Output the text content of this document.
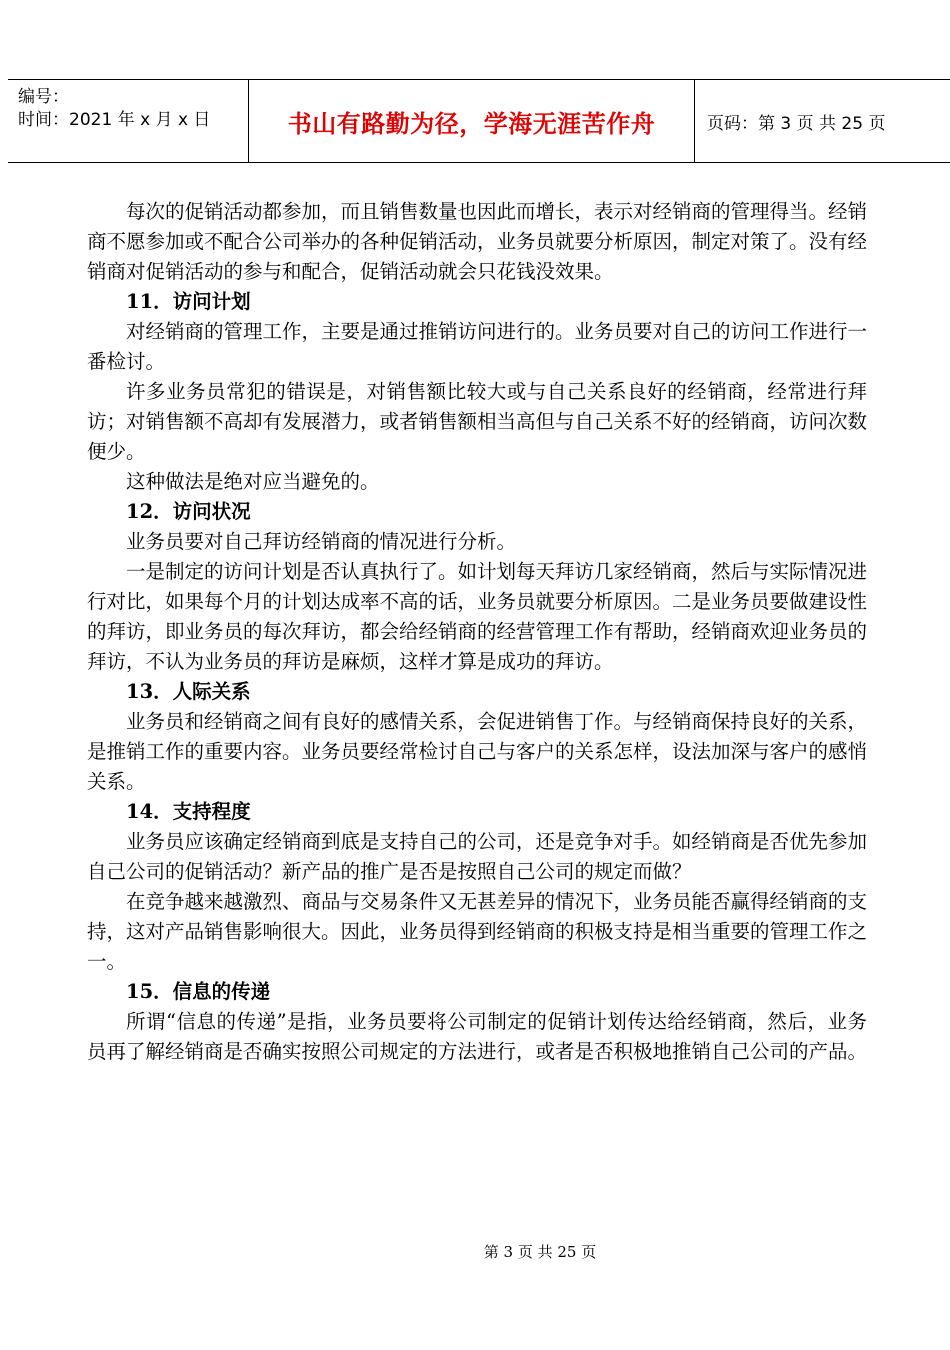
编号：
时间：2021 年 x 月 x 日	书山有路勤为径，学海无涯苦作舟	页码：第 3 页 共 25 页

每次的促销活动都参加，而且销售数量也因此而增长，表示对经销商的管理得当。经销商不愿参加或不配合公司举办的各种促销活动，业务员就要分析原因，制定对策了。没有经销商对促销活动的参与和配合，促销活动就会只花钱没效果。

11．访问计划

对经销商的管理工作，主要是通过推销访问进行的。业务员要对自己的访问工作进行一番检讨。

许多业务员常犯的错误是，对销售额比较大或与自己关系良好的经销商，经常进行拜访；对销售额不高却有发展潜力，或者销售额相当高但与自己关系不好的经销商，访问次数便少。

这种做法是绝对应当避免的。

12．访问状况

业务员要对自己拜访经销商的情况进行分析。

一是制定的访问计划是否认真执行了。如计划每天拜访几家经销商，然后与实际情况进行对比，如果每个月的计划达成率不高的话，业务员就要分析原因。二是业务员要做建设性的拜访，即业务员的每次拜访，都会给经销商的经营管理工作有帮助，经销商欢迎业务员的拜访，不认为业务员的拜访是麻烦，这样才算是成功的拜访。

13．人际关系

业务员和经销商之间有良好的感情关系，会促进销售丁作。与经销商保持良好的关系，是推销工作的重要内容。业务员要经常检讨自己与客户的关系怎样，设法加深与客户的感悄关系。

14．支持程度

业务员应该确定经销商到底是支持自己的公司，还是竞争对手。如经销商是否优先参加自己公司的促销活动？新产品的推广是否是按照自己公司的规定而做？

在竞争越来越激烈、商品与交易条件又无甚差异的情况下，业务员能否赢得经销商的支持，这对产品销售影响很大。因此，业务员得到经销商的积极支持是相当重要的管理工作之一。

15．信息的传递

所谓“信息的传递”是指，业务员要将公司制定的促销计划传达给经销商，然后，业务员再了解经销商是否确实按照公司规定的方法进行，或者是否积极地推销自己公司的产品。

第 3 页 共 25 页
